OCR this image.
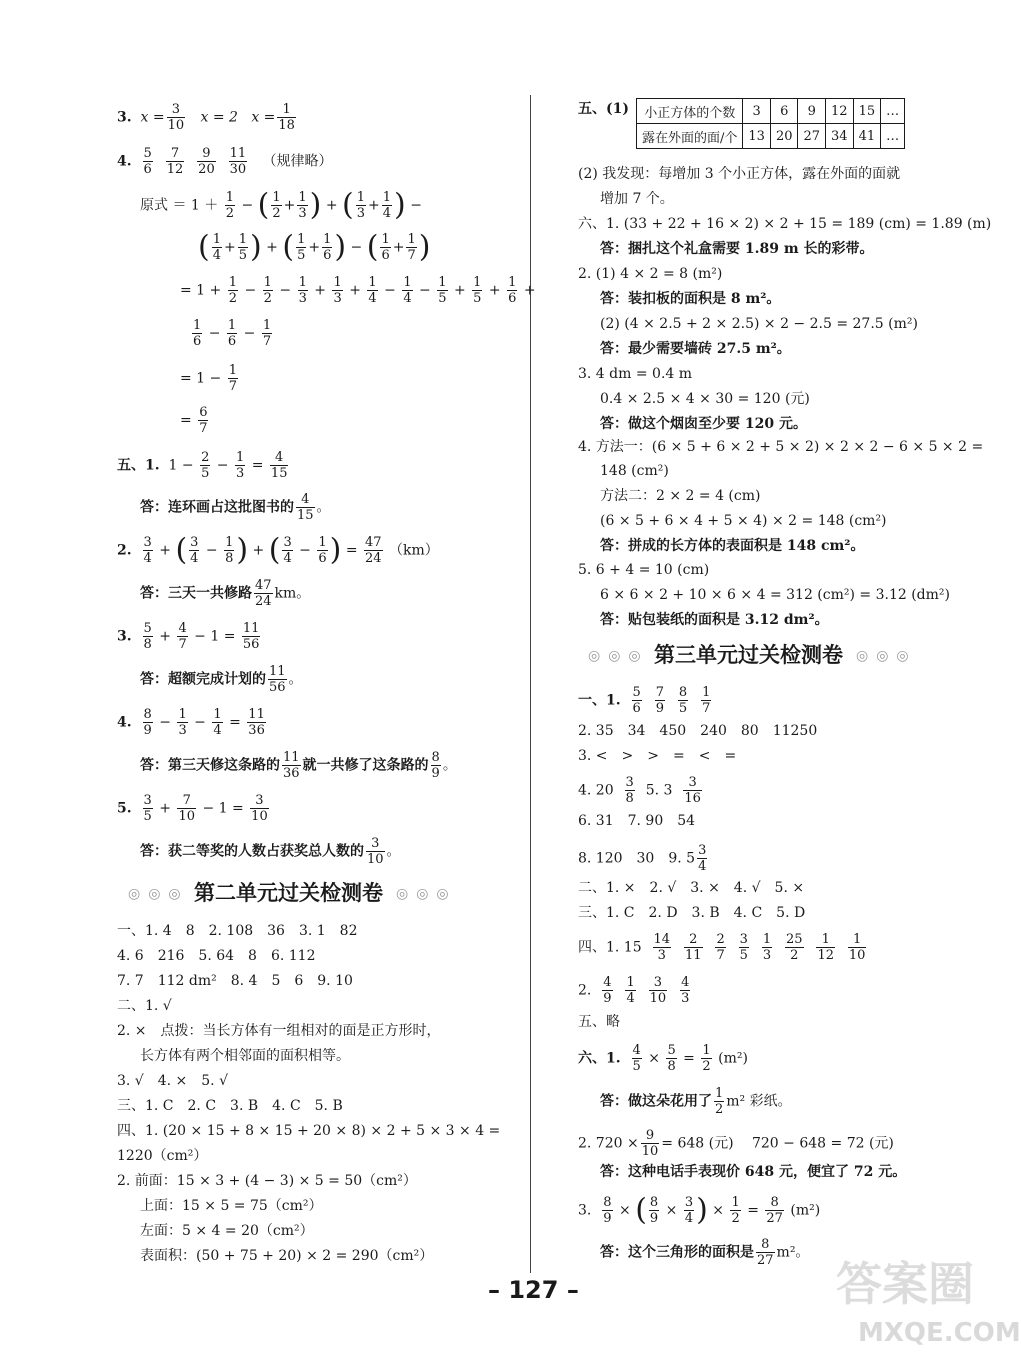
3. $x = \frac{3}{10}$ x = 2 $x = \frac{1}{18}$
4. $\frac{5}{6}$
$\frac{7}{12}$
$\frac{9}{20}$
$\frac{11}{30}$ （规律略）
原式 ＝ $1 + \frac{1}{2}$ − ( $\frac{1}{2} + \frac{1}{3}$ ) + ( $\frac{1}{3} + \frac{1}{4}$ ) −
( $\frac{1}{4} + \frac{1}{5}$ ) + ( $\frac{1}{5} + \frac{1}{6}$ ) − ( $\frac{1}{6} + \frac{1}{7}$ )
= $1 + \frac{1}{2} - \frac{1}{2} - \frac{1}{3} + \frac{1}{3} + \frac{1}{4} - \frac{1}{4} - \frac{1}{5} + \frac{1}{5} + \frac{1}{6}$ +
$\frac{1}{6} - \frac{1}{6} - \frac{1}{7}$
= $1 - \frac{1}{7}$
= $\frac{6}{7}$
五、1. $1 - \frac{2}{5} - \frac{1}{3} = \frac{4}{15}$
答：连环画占这批图书的 $\frac{4}{15}$ 。
2. $\frac{3}{4}$ + ( $\frac{3}{4} - \frac{1}{8}$ ) + ( $\frac{3}{4} - \frac{1}{6}$ ) = $\frac{47}{24} (km)$
答：三天一共修路 $\frac{47}{24}$ km。
3. $\frac{5}{8} + \frac{4}{7} - 1 = \frac{11}{56}$
答：超额完成计划的 $\frac{11}{56}$ 。
4. $\frac{8}{9} - \frac{1}{3} - \frac{1}{4} = \frac{11}{36}$
答：第三天修这条路的 $\frac{11}{36}$ 就一共修了这条路的 $\frac{8}{9}$ 。
5. $\frac{3}{5} + \frac{7}{10} - 1 = \frac{3}{10}$
答：获二等奖的人数占获奖总人数的 $\frac{3}{10}$ 。
◎◎◎ 第二单元过关检测卷 ◎◎◎
一、1. 4　8　2. 108　36　3. 1　82
4. 6　216　5. 64　8　6. 112
7. 7　112 dm²　8. 4　5　6　9. 10
二、1. √
2. ×　点拨：当长方体有一组相对的面是正方形时，
长方体有两个相邻面的面积相等。
3. √　4. ×　5. √
三、1. C　2. C　3. B　4. C　5. B
四、1. (20 × 15 + 8 × 15 + 20 × 8) × 2 + 5 × 3 × 4 =
1220（cm²）
2. 前面：15 × 3 + (4 − 3) × 5 = 50（cm²）
上面：15 × 5 = 75（cm²）
左面：5 × 4 = 20（cm²）
表面积：(50 + 75 + 20) × 2 = 290（cm²）
五、(1) 小正方体的个数	3	6	9	12	15	…
露在外面的面/个	13	20	27	34	41	…
(2) 我发现：每增加 3 个小正方体，露在外面的面就
增加 7 个。
六、1. (33 + 22 + 16 × 2) × 2 + 15 = 189 (cm) = 1.89 (m)
答：捆扎这个礼盒需要 1.89 m 长的彩带。
2. (1) 4 × 2 = 8 (m²)
答：装扣板的面积是 8 m²。
(2) (4 × 2.5 + 2 × 2.5) × 2 − 2.5 = 27.5 (m²)
答：最少需要墙砖 27.5 m²。
3. 4 dm = 0.4 m
0.4 × 2.5 × 4 × 30 = 120 (元)
答：做这个烟囱至少要 120 元。
4. 方法一：(6 × 5 + 6 × 2 + 5 × 2) × 2 × 2 − 6 × 5 × 2 =
148 (cm²)
方法二：2 × 2 = 4 (cm)
(6 × 5 + 6 × 4 + 5 × 4) × 2 = 148 (cm²)
答：拼成的长方体的表面积是 148 cm²。
5. 6 + 4 = 10 (cm)
6 × 6 × 2 + 10 × 6 × 4 = 312 (cm²) = 3.12 (dm²)
答：贴包装纸的面积是 3.12 dm²。
◎◎◎ 第三单元过关检测卷 ◎◎◎
一、1. $\frac{5}{6}$
$\frac{7}{9}$
$\frac{8}{5}$
$\frac{1}{7}$
2. 35　34　450　240　80　11250
3. <　>　>　=　<　=
4. $20 \frac{3}{8} 5$. $3 \frac{3}{16}$
6. 31　7. 90　54
8. 120　30　9. $5 \frac{3}{4}$
二、1. ×　2. √　3. ×　4. √　5. ×
三、1. C　2. D　3. B　4. C　5. D
四、1. $15 \frac{14}{3}$
$\frac{2}{11}$
$\frac{2}{7}$
$\frac{3}{5}$
$\frac{1}{3}$
$\frac{25}{2}$
$\frac{1}{12}$
$\frac{1}{10}$
2. $\frac{4}{9}$
$\frac{1}{4}$
$\frac{3}{10}$
$\frac{4}{3}$
五、略
六、1. $\frac{4}{5} \times \frac{5}{8} = \frac{1}{2} (m^2)$
答：做这朵花用了 $\frac{1}{2} m^2$ 彩纸。
2. $720 \times \frac{9}{10} = 648$ (元)　 720 − 648 = 72 (元)
答：这种电话手表现价 648 元，便宜了 72 元。
3. $\frac{8}{9}$ × ( $\frac{8}{9} \times \frac{3}{4}$ ) × $\frac{1}{2} = \frac{8}{27} (m^2)$
答：这个三角形的面积是 $\frac{8}{27} m^2$。
– 127 –	答案圈
MXQE.COM
